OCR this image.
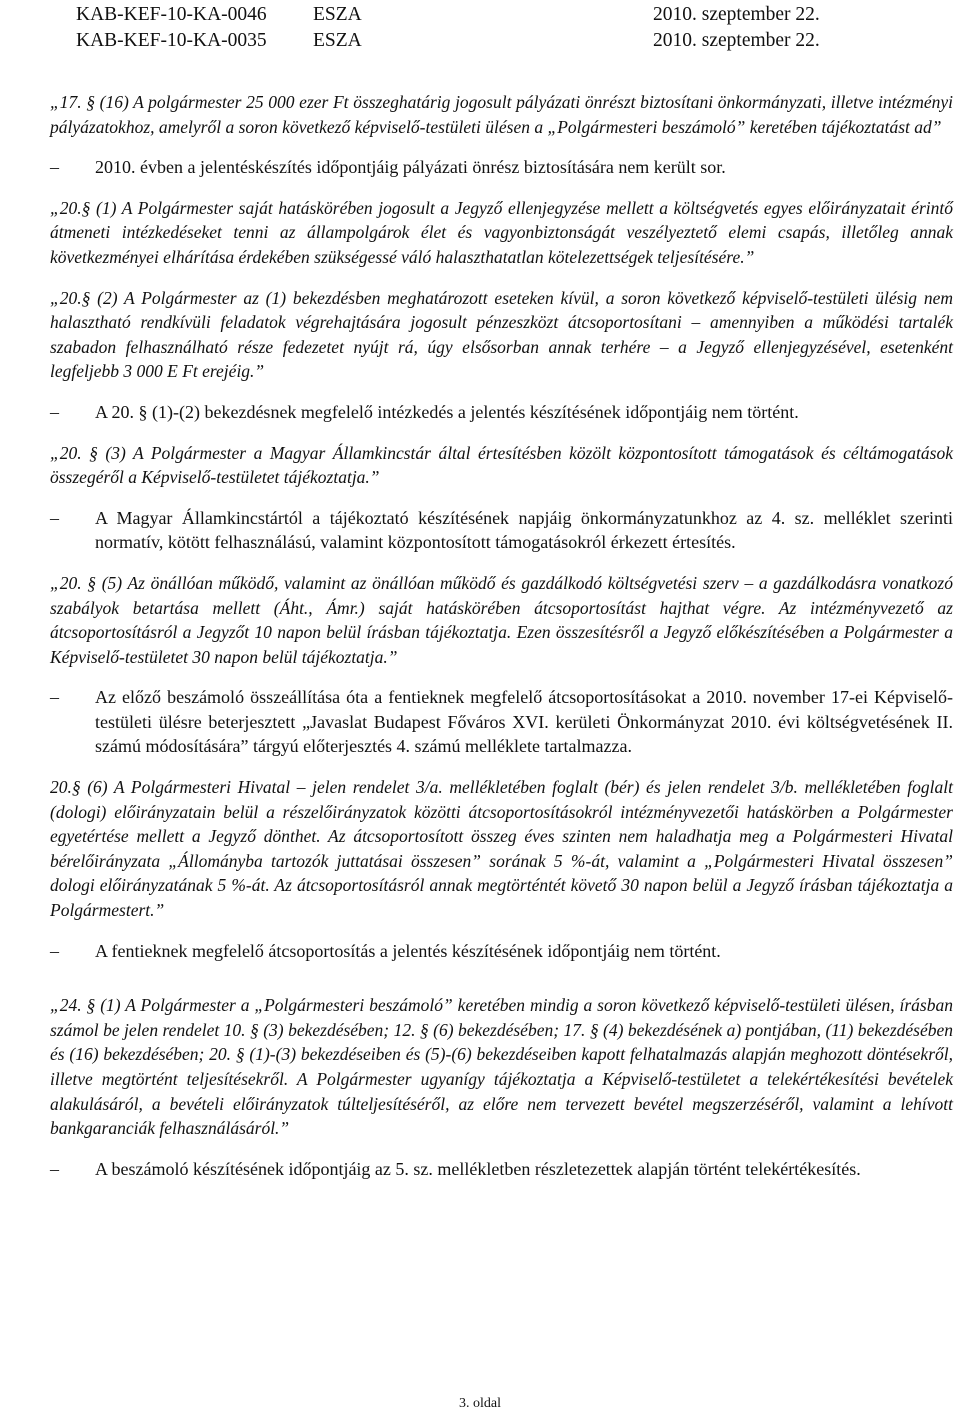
KAB-KEF-10-KA-0046	ESZA	2010. szeptember 22.
KAB-KEF-10-KA-0035	ESZA	2010. szeptember 22.

„17. § (16) A polgármester 25 000 ezer Ft összeghatárig jogosult pályázati önrészt biztosítani önkormányzati, illetve intézményi pályázatokhoz, amelyről a soron következő képviselő-testületi ülésen a „Polgármesteri beszámoló” keretében tájékoztatást ad”

–	2010. évben a jelentéskészítés időpontjáig pályázati önrész biztosítására nem került sor.

„20.§ (1) A Polgármester saját hatáskörében jogosult a Jegyző ellenjegyzése mellett a költségvetés egyes előirányzatait érintő átmeneti intézkedéseket tenni az állampolgárok élet és vagyonbiztonságát veszélyeztető elemi csapás, illetőleg annak következményei elhárítása érdekében szükségessé váló halaszthatatlan kötelezettségek teljesítésére.”

„20.§ (2) A Polgármester az (1) bekezdésben meghatározott eseteken kívül, a soron következő képviselő-testületi ülésig nem halasztható rendkívüli feladatok végrehajtására jogosult pénzeszközt átcsoportosítani – amennyiben a működési tartalék szabadon felhasználható része fedezetet nyújt rá, úgy elsősorban annak terhére – a Jegyző ellenjegyzésével, esetenként legfeljebb 3 000 E Ft erejéig.”

–	A 20. § (1)-(2) bekezdésnek megfelelő intézkedés a jelentés készítésének időpontjáig nem történt.

„20. § (3) A Polgármester a Magyar Államkincstár által értesítésben közölt központosított támogatások és céltámogatások összegéről a Képviselő-testületet tájékoztatja.”

–	A Magyar Államkincstártól a tájékoztató készítésének napjáig önkormányzatunkhoz az 4. sz. melléklet szerinti normatív, kötött felhasználású, valamint központosított támogatásokról érkezett értesítés.

„20. § (5) Az önállóan működő, valamint az önállóan működő és gazdálkodó költségvetési szerv – a gazdálkodásra vonatkozó szabályok betartása mellett (Áht., Ámr.) saját hatáskörében átcsoportosítást hajthat végre. Az intézményvezető az átcsoportosításról a Jegyzőt 10 napon belül írásban tájékoztatja. Ezen összesítésről a Jegyző előkészítésében a Polgármester a Képviselő-testületet 30 napon belül tájékoztatja.”

–	Az előző beszámoló összeállítása óta a fentieknek megfelelő átcsoportosításokat a 2010. november 17-ei Képviselő-testületi ülésre beterjesztett „Javaslat Budapest Főváros XVI. kerületi Önkormányzat 2010. évi költségvetésének II. számú módosítására” tárgyú előterjesztés 4. számú melléklete tartalmazza.

20.§ (6) A Polgármesteri Hivatal – jelen rendelet 3/a. mellékletében foglalt (bér) és jelen rendelet 3/b. mellékletében foglalt (dologi) előirányzatain belül a részelőirányzatok közötti átcsoportosításokról intézményvezetői hatáskörben a Polgármester egyetértése mellett a Jegyző dönthet. Az átcsoportosított összeg éves szinten nem haladhatja meg a Polgármesteri Hivatal bérelőirányzata „Állományba tartozók juttatásai összesen” sorának 5 %-át, valamint a „Polgármesteri Hivatal összesen” dologi előirányzatának 5 %-át. Az átcsoportosításról annak megtörténtét követő 30 napon belül a Jegyző írásban tájékoztatja a Polgármestert.”

–	A fentieknek megfelelő átcsoportosítás a jelentés készítésének időpontjáig nem történt.

„24. § (1) A Polgármester a „Polgármesteri beszámoló” keretében mindig a soron következő képviselő-testületi ülésen, írásban számol be jelen rendelet 10. § (3) bekezdésében; 12. § (6) bekezdésében; 17. § (4) bekezdésének a) pontjában, (11) bekezdésében és (16) bekezdésében; 20. § (1)-(3) bekezdéseiben és (5)-(6) bekezdéseiben kapott felhatalmazás alapján meghozott döntésekről, illetve megtörtént teljesítésekről. A Polgármester ugyanígy tájékoztatja a Képviselő-testületet a telekértékesítési bevételek alakulásáról, a bevételi előirányzatok túlteljesítéséről, az előre nem tervezett bevétel megszerzéséről, valamint a lehívott bankgaranciák felhasználásáról.”

–	A beszámoló készítésének időpontjáig az 5. sz. mellékletben részletezettek alapján történt telekértékesítés.
3. oldal
